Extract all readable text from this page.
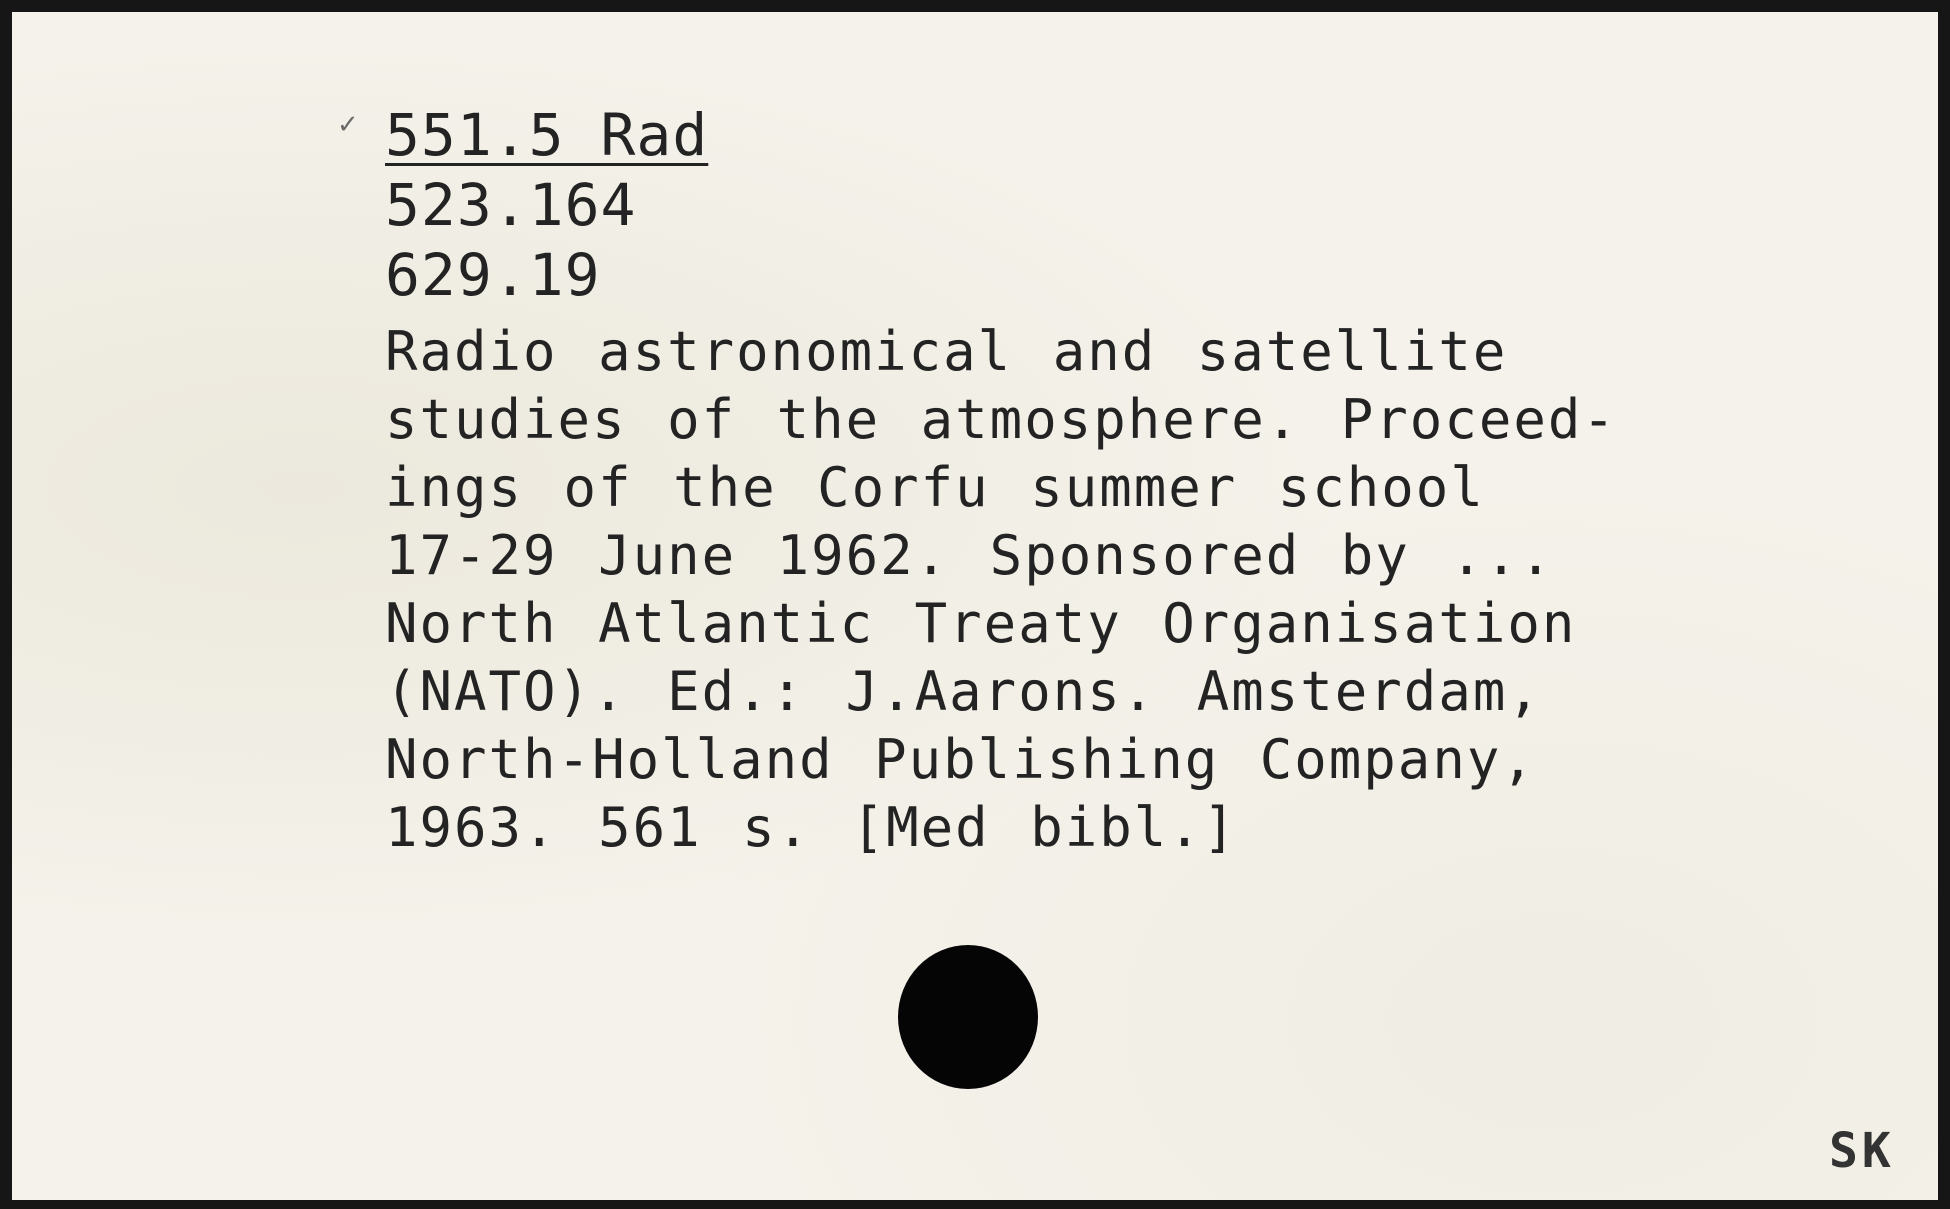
✓ 551.5 Rad
523.164
629.19
Radio astronomical and satellite
studies of the atmosphere. Proceed-
ings of the Corfu summer school
17-29 June 1962. Sponsored by ...
North Atlantic Treaty Organisation
(NATO). Ed.: J.Aarons. Amsterdam,
North-Holland Publishing Company,
1963. 561 s. [Med bibl.]
SK
